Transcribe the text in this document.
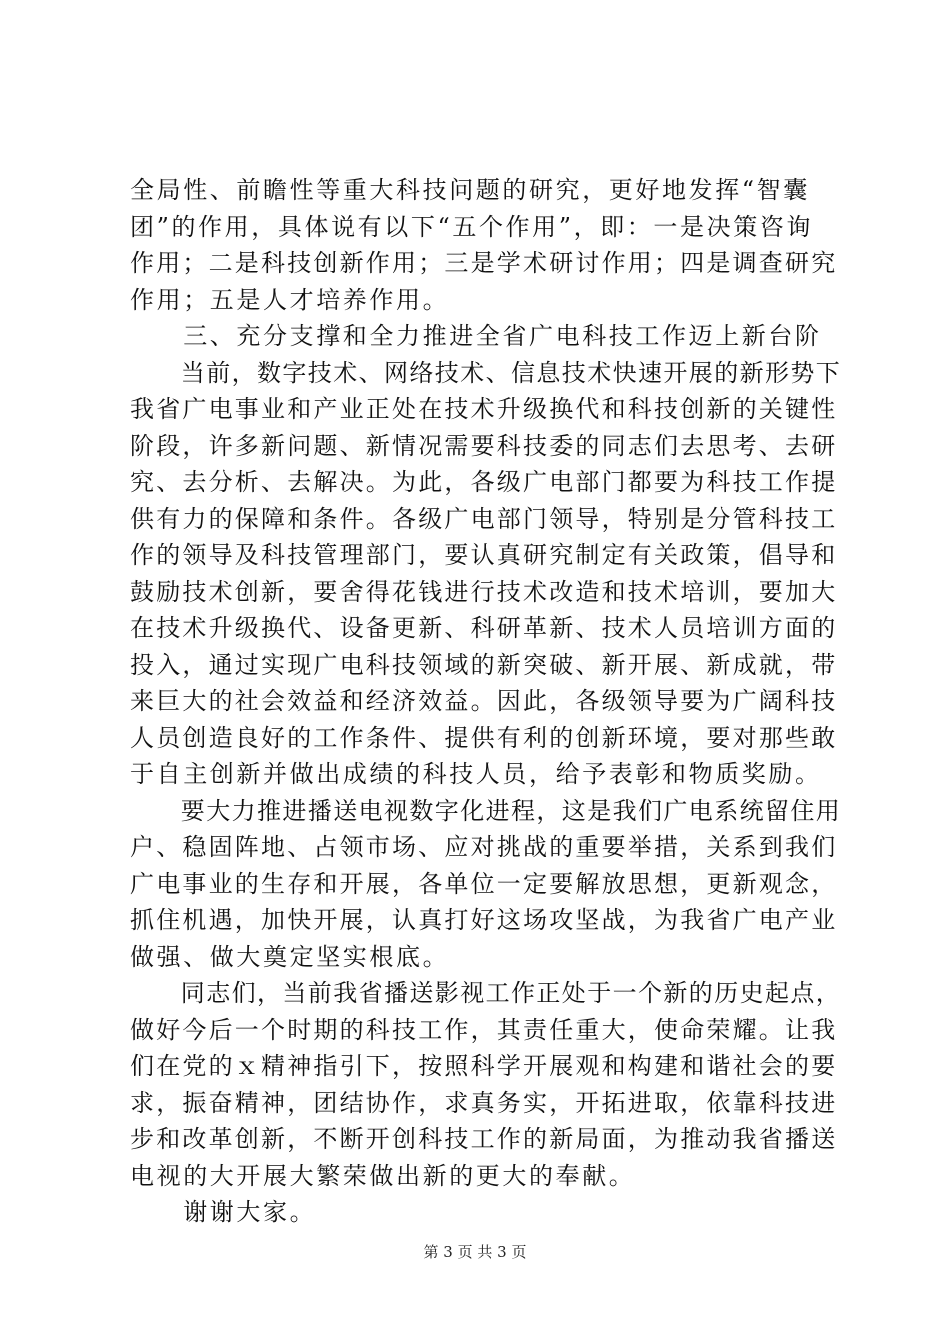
全局性、前瞻性等重大科技问题的研究，更好地发挥“智囊
团”的作用，具体说有以下“五个作用”，即：一是决策咨询
作用；二是科技创新作用；三是学术研讨作用；四是调查研究
作用；五是人才培养作用。
　　三、充分支撑和全力推进全省广电科技工作迈上新台阶
　　当前，数字技术、网络技术、信息技术快速开展的新形势下
我省广电事业和产业正处在技术升级换代和科技创新的关键性
阶段，许多新问题、新情况需要科技委的同志们去思考、去研
究、去分析、去解决。为此，各级广电部门都要为科技工作提
供有力的保障和条件。各级广电部门领导，特别是分管科技工
作的领导及科技管理部门，要认真研究制定有关政策，倡导和
鼓励技术创新，要舍得花钱进行技术改造和技术培训，要加大
在技术升级换代、设备更新、科研革新、技术人员培训方面的
投入，通过实现广电科技领域的新突破、新开展、新成就，带
来巨大的社会效益和经济效益。因此，各级领导要为广阔科技
人员创造良好的工作条件、提供有利的创新环境，要对那些敢
于自主创新并做出成绩的科技人员，给予表彰和物质奖励。
　　要大力推进播送电视数字化进程，这是我们广电系统留住用
户、稳固阵地、占领市场、应对挑战的重要举措，关系到我们
广电事业的生存和开展，各单位一定要解放思想，更新观念，
抓住机遇，加快开展，认真打好这场攻坚战，为我省广电产业
做强、做大奠定坚实根底。
　　同志们，当前我省播送影视工作正处于一个新的历史起点，
做好今后一个时期的科技工作，其责任重大，使命荣耀。让我
们在党的ｘ精神指引下，按照科学开展观和构建和谐社会的要
求，振奋精神，团结协作，求真务实，开拓进取，依靠科技进
步和改革创新，不断开创科技工作的新局面，为推动我省播送
电视的大开展大繁荣做出新的更大的奉献。
　　谢谢大家。
第 3 页 共 3 页
